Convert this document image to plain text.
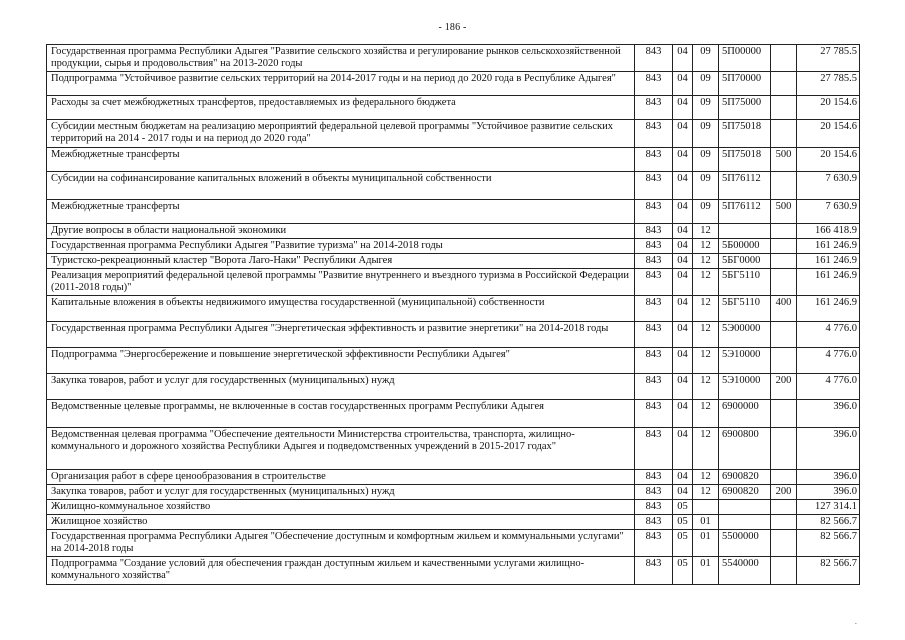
- 186 -
Государственная программа Республики Адыгея "Развитие сельского хозяйства и регулирование рынков сельскохозяйственной продукции, сырья и продовольствия" на 2013-2020 годы	843	04	09	5П00000		27 785.5
Подпрограмма "Устойчивое развитие сельских территорий на 2014-2017 годы и на период до 2020 года в Республике Адыгея"	843	04	09	5П70000		27 785.5
Расходы за счет межбюджетных трансфертов, предоставляемых из федерального бюджета	843	04	09	5П75000		20 154.6
Субсидии местным бюджетам на реализацию мероприятий федеральной целевой программы "Устойчивое развитие сельских территорий на 2014 - 2017 годы и на период до 2020 года"	843	04	09	5П75018		20 154.6
Межбюджетные трансферты	843	04	09	5П75018	500	20 154.6
Субсидии на софинансирование капитальных вложений в объекты муниципальной собственности	843	04	09	5П76112		7 630.9
Межбюджетные трансферты	843	04	09	5П76112	500	7 630.9
Другие вопросы в области национальной экономики	843	04	12			166 418.9
Государственная программа Республики Адыгея "Развитие туризма" на 2014-2018 годы	843	04	12	5Б00000		161 246.9
Туристско-рекреационный кластер "Ворота Лаго-Наки" Республики Адыгея	843	04	12	5БГ0000		161 246.9
Реализация мероприятий федеральной целевой программы "Развитие внутреннего и въездного туризма в Российской Федерации (2011-2018 годы)"	843	04	12	5БГ5110		161 246.9
Капитальные вложения в объекты недвижимого имущества государственной (муниципальной) собственности	843	04	12	5БГ5110	400	161 246.9
Государственная программа Республики Адыгея "Энергетическая эффективность и развитие энергетики" на 2014-2018 годы	843	04	12	5Э00000		4 776.0
Подпрограмма "Энергосбережение и повышение энергетической эффективности Республики Адыгея"	843	04	12	5Э10000		4 776.0
Закупка товаров, работ и услуг для государственных (муниципальных) нужд	843	04	12	5Э10000	200	4 776.0
Ведомственные целевые программы, не включенные в состав государственных программ Республики Адыгея	843	04	12	6900000		396.0
Ведомственная целевая программа "Обеспечение деятельности Министерства строительства, транспорта, жилищно-коммунального и дорожного хозяйства Республики Адыгея и подведомственных учреждений в 2015-2017 годах"	843	04	12	6900800		396.0
Организация работ в сфере ценообразования в строительстве	843	04	12	6900820		396.0
Закупка товаров, работ и услуг для государственных (муниципальных) нужд	843	04	12	6900820	200	396.0
Жилищно-коммунальное хозяйство	843	05				127 314.1
Жилищное хозяйство	843	05	01			82 566.7
Государственная программа Республики Адыгея "Обеспечение доступным и комфортным жильем и коммунальными услугами" на 2014-2018 годы	843	05	01	5500000		82 566.7
Подпрограмма "Создание условий для обеспечения граждан доступным жильем и качественными услугами жилищно-коммунального хозяйства"	843	05	01	5540000		82 566.7
.
